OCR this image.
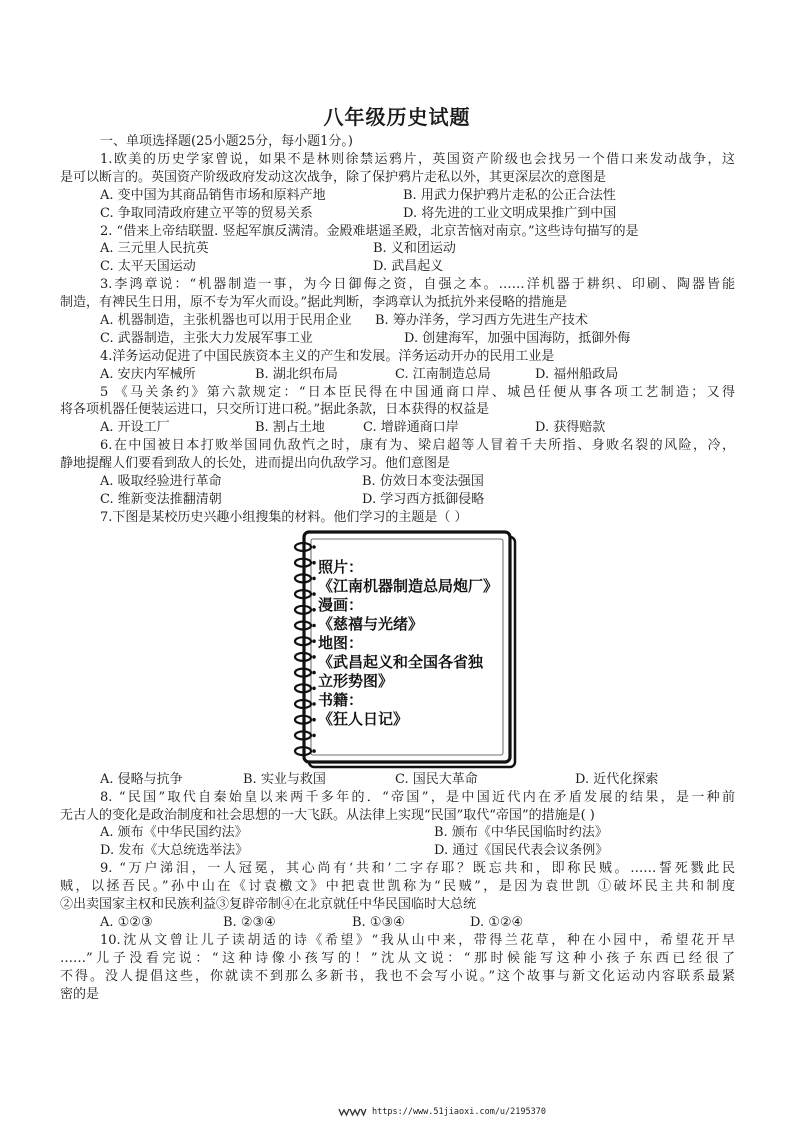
八年级历史试题
一、单项选择题(25小题25分，每小题1分。)
1.欧美的历史学家曾说，如果不是林则徐禁运鸦片，英国资产阶级也会找另一个借口来发动战争，这
是可以断言的。英国资产阶级政府发动这次战争，除了保护鸦片走私以外，其更深层次的意图是
A. 变中国为其商品销售市场和原料产地	B. 用武力保护鸦片走私的公正合法性
C. 争取同清政府建立平等的贸易关系	D. 将先进的工业文明成果推广到中国
2. “借来上帝结联盟. 竖起军旗反满清。金殿难堪遥圣殿，北京苦恼对南京。”这些诗句描写的是
A. 三元里人民抗英	B. 义和团运动
C. 太平天国运动	D. 武昌起义
3.李鸿章说：“机器制造一事，为今日御侮之资，自强之本。……洋机器于耕织、印刷、陶器皆能
制造，有裨民生日用，原不专为军火而设。”据此判断，李鸿章认为抵抗外来侵略的措施是
A. 机器制造，主张机器也可以用于民用企业 B. 筹办洋务，学习西方先进生产技术
C. 武器制造，主张大力发展军事工业	D. 创建海军，加强中国海防，抵御外侮
4.洋务运动促进了中国民族资本主义的产生和发展。洋务运动开办的民用工业是
A. 安庆内军械所	B. 湖北织布局	C. 江南制造总局	D. 福州船政局
5 《马关条约》第六款规定：“日本臣民得在中国通商口岸、城邑任便从事各项工艺制造；又得
将各项机器任便装运进口，只交所订进口税。”据此条款，日本获得的权益是
A. 开设工厂	B. 割占土地	C. 增辟通商口岸	D. 获得赔款
6.在中国被日本打败举国同仇敌忾之时，康有为、梁启超等人冒着千夫所指、身败名裂的风险，冷，
静地提醒人们要看到敌人的长处，进而提出向仇敌学习。他们意图是
A. 吸取经验进行革命	B. 仿效日本变法强国
C. 维新变法推翻清朝	D. 学习西方抵御侵略
7.下图是某校历史兴趣小组搜集的材料。他们学习的主题是（ ）
照片：
《江南机器制造总局炮厂》
漫画：
《慈禧与光绪》
地图：
《武昌起义和全国各省独
立形势图》
书籍：
《狂人日记》
A. 侵略与抗争	B. 实业与救国	C. 国民大革命	D. 近代化探索
8. “民国”取代自秦始皇以来两千多年的．“帝国”，是中国近代内在矛盾发展的结果，是一种前
无古人的变化是政治制度和社会思想的一大飞跃。从法律上实现“民国”取代“帝国”的措施是( )
A. 颁布《中华民国约法》	B. 颁布《中华民国临时约法》
D. 发布《大总统选举法》	D. 通过《国民代表会议条例》
9. “万户涕泪，一人冠冕，其心尚有‘共和’二字存耶？既忘共和，即称民贼。……誓死戮此民
贼，以拯吾民。”孙中山在《讨袁檄文》中把袁世凯称为“民贼”，是因为袁世凯 ①破坏民主共和制度
②出卖国家主权和民族利益③复辟帝制④在北京就任中华民国临时大总统
A. ①②③	B. ②③④	B. ①③④	D. ①②④
10.沈从文曾让儿子读胡适的诗《希望》“我从山中来，带得兰花草，种在小园中，希望花开早
……”儿子没看完说：“这种诗像小孩写的！”沈从文说：“那时候能写这种小孩子东西已经很了
不得。没人提倡这些，你就读不到那么多新书，我也不会写小说。”这个故事与新文化运动内容联系最紧
密的是
https://www.51jiaoxi.com/u/2195370
